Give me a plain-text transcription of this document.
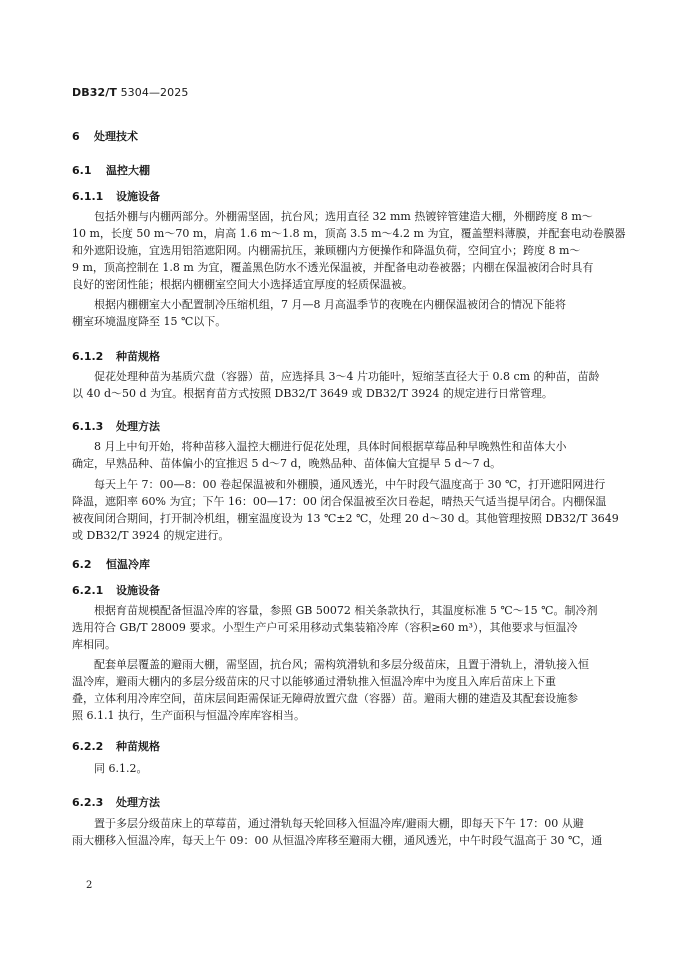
DB32/T 5304—2025
6 处理技术
6.1 温控大棚
6.1.1 设施设备
包括外棚与内棚两部分。外棚需坚固，抗台风；选用直径 32 mm 热镀锌管建造大棚，外棚跨度 8 m～
10 m，长度 50 m～70 m，肩高 1.6 m～1.8 m，顶高 3.5 m～4.2 m 为宜，覆盖塑料薄膜，并配套电动卷膜器
和外遮阳设施，宜选用铝箔遮阳网。内棚需抗压，兼顾棚内方便操作和降温负荷，空间宜小；跨度 8 m～
9 m，顶高控制在 1.8 m 为宜，覆盖黑色防水不透光保温被，并配备电动卷被器；内棚在保温被闭合时具有
良好的密闭性能；根据内棚棚室空间大小选择适宜厚度的轻质保温被。
根据内棚棚室大小配置制冷压缩机组，7 月—8 月高温季节的夜晚在内棚保温被闭合的情况下能将
棚室环境温度降至 15 ℃以下。
6.1.2 种苗规格
促花处理种苗为基质穴盘（容器）苗，应选择具 3～4 片功能叶，短缩茎直径大于 0.8 cm 的种苗，苗龄
以 40 d～50 d 为宜。根据育苗方式按照 DB32/T 3649 或 DB32/T 3924 的规定进行日常管理。
6.1.3 处理方法
8 月上中旬开始，将种苗移入温控大棚进行促花处理，具体时间根据草莓品种早晚熟性和苗体大小
确定，早熟品种、苗体偏小的宜推迟 5 d～7 d，晚熟品种、苗体偏大宜提早 5 d～7 d。
每天上午 7：00—8：00 卷起保温被和外棚膜，通风透光，中午时段气温度高于 30 ℃，打开遮阳网进行
降温，遮阳率 60% 为宜；下午 16：00—17：00 闭合保温被至次日卷起，晴热天气适当提早闭合。内棚保温
被夜间闭合期间，打开制冷机组，棚室温度设为 13 ℃±2 ℃，处理 20 d～30 d。其他管理按照 DB32/T 3649
或 DB32/T 3924 的规定进行。
6.2 恒温冷库
6.2.1 设施设备
根据育苗规模配备恒温冷库的容量，参照 GB 50072 相关条款执行，其温度标准 5 ℃～15 ℃。制冷剂
选用符合 GB/T 28009 要求。小型生产户可采用移动式集装箱冷库（容积≥60 m³），其他要求与恒温冷
库相同。
配套单层覆盖的避雨大棚，需坚固，抗台风；需构筑滑轨和多层分级苗床，且置于滑轨上，滑轨接入恒
温冷库，避雨大棚内的多层分级苗床的尺寸以能够通过滑轨推入恒温冷库中为度且入库后苗床上下重
叠，立体利用冷库空间，苗床层间距需保证无障碍放置穴盘（容器）苗。避雨大棚的建造及其配套设施参
照 6.1.1 执行，生产面积与恒温冷库库容相当。
6.2.2 种苗规格
同 6.1.2。
6.2.3 处理方法
置于多层分级苗床上的草莓苗，通过滑轨每天轮回移入恒温冷库/避雨大棚，即每天下午 17：00 从避
雨大棚移入恒温冷库，每天上午 09：00 从恒温冷库移至避雨大棚，通风透光，中午时段气温高于 30 ℃，通
2
